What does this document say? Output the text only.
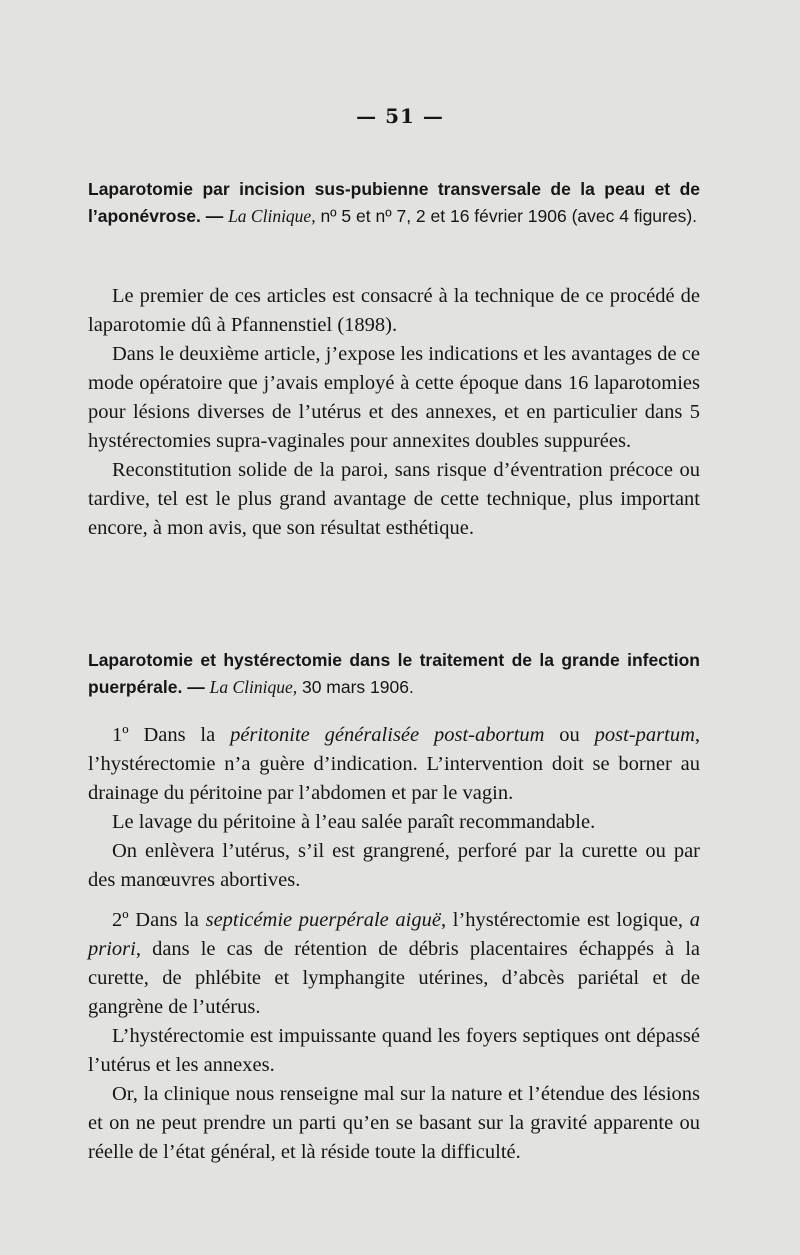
— 51 —
Laparotomie par incision sus-pubienne transversale de la peau et de l’aponévrose. — La Clinique, nº 5 et nº 7, 2 et 16 février 1906 (avec 4 figures).

Le premier de ces articles est consacré à la technique de ce procédé de laparotomie dû à Pfannenstiel (1898).

Dans le deuxième article, j’expose les indications et les avantages de ce mode opératoire que j’avais employé à cette époque dans 16 laparotomies pour lésions diverses de l’utérus et des annexes, et en particulier dans 5 hystérectomies supra-vaginales pour annexites doubles suppurées.

Reconstitution solide de la paroi, sans risque d’éventration précoce ou tardive, tel est le plus grand avantage de cette technique, plus important encore, à mon avis, que son résultat esthétique.

Laparotomie et hystérectomie dans le traitement de la grande infection puerpérale. — La Clinique, 30 mars 1906.

1º Dans la péritonite généralisée post-abortum ou post-partum, l’hystérectomie n’a guère d’indication. L’intervention doit se borner au drainage du péritoine par l’abdomen et par le vagin.

Le lavage du péritoine à l’eau salée paraît recommandable.

On enlèvera l’utérus, s’il est grangrené, perforé par la curette ou par des manœuvres abortives.

2º Dans la septicémie puerpérale aiguë, l’hystérectomie est logique, a priori, dans le cas de rétention de débris placentaires échappés à la curette, de phlébite et lymphangite utérines, d’abcès pariétal et de gangrène de l’utérus.

L’hystérectomie est impuissante quand les foyers septiques ont dépassé l’utérus et les annexes.

Or, la clinique nous renseigne mal sur la nature et l’étendue des lésions et on ne peut prendre un parti qu’en se basant sur la gravité apparente ou réelle de l’état général, et là réside toute la difficulté.
